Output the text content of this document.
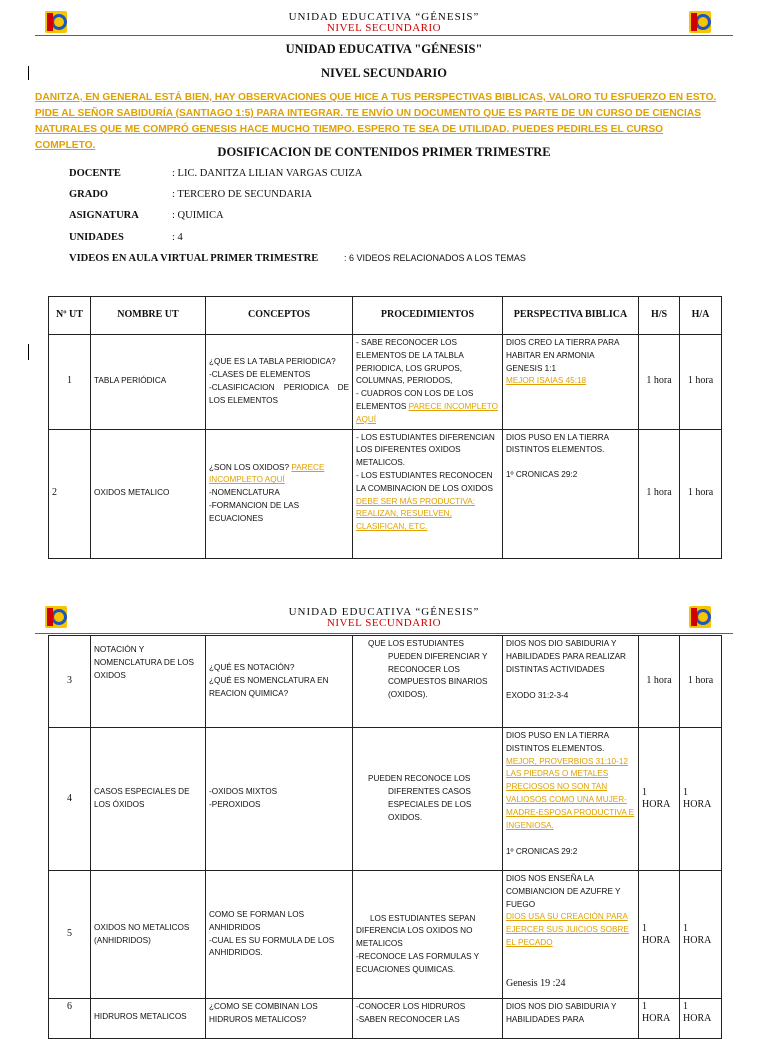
UNIDAD EDUCATIVA “GÉNESIS”
NIVEL SECUNDARIO
UNIDAD EDUCATIVA "GÉNESIS"
NIVEL SECUNDARIO
DANITZA, EN GENERAL ESTÁ BIEN, HAY OBSERVACIONES QUE HICE A TUS PERSPECTIVAS BIBLICAS, VALORO TU ESFUERZO EN ESTO. PIDE AL SEÑOR SABIDURÍA (SANTIAGO 1:5) PARA INTEGRAR. TE ENVÍO UN DOCUMENTO QUE ES PARTE DE UN CURSO DE CIENCIAS NATURALES QUE ME COMPRÓ GENESIS HACE MUCHO TIEMPO. ESPERO TE SEA DE UTILIDAD. PUEDES PEDIRLES EL CURSO COMPLETO.	DOSIFICACION DE CONTENIDOS PRIMER TRIMESTRE
DOCENTE	: LIC. DANITZA LILIAN VARGAS CUIZA
GRADO	: TERCERO DE SECUNDARIA
ASIGNATURA	: QUIMICA
UNIDADES	: 4
VIDEOS EN AULA VIRTUAL PRIMER TRIMESTRE	: 6 VIDEOS RELACIONADOS A LOS TEMAS
Nº UT	NOMBRE UT	CONCEPTOS	PROCEDIMIENTOS	PERSPECTIVA BIBLICA	H/S	H/A
1	TABLA PERIÓDICA	¿QUE ES LA TABLA PERIODICA?
-CLASES DE ELEMENTOS
-CLASIFICACION PERIODICA DE LOS ELEMENTOS	- SABE RECONOCER LOS ELEMENTOS DE LA TALBLA PERIODICA, LOS GRUPOS, COLUMNAS, PERIODOS,
- CUADROS CON LOS DE LOS ELEMENTOS PARECE INCOMPLETO AQUÍ	DIOS CREO LA TIERRA PARA HABITAR EN ARMONIA
GENESIS 1:1
MEJOR ISAIAS 45:18	1 hora	1 hora
2	OXIDOS METALICO	¿SON LOS OXIDOS? PARECE INCOMPLETO AQUÍ
-NOMENCLATURA
-FORMANCION DE LAS ECUACIONES	- LOS ESTUDIANTES DIFERENCIAN LOS DIFERENTES OXIDOS METALICOS.
- LOS ESTUDIANTES RECONOCEN LA COMBINACION DE LOS OXIDOS
DEBE SER MÁS PRODUCTIVA: REALIZAN, RESUELVEN, CLASIFICAN, ETC.	DIOS PUSO EN LA TIERRA DISTINTOS ELEMENTOS.
1º CRONICAS 29:2	1 hora	1 hora
UNIDAD EDUCATIVA “GÉNESIS”
NIVEL SECUNDARIO
3	NOTACIÓN Y NOMENCLATURA DE LOS OXIDOS	¿QUÉ ES NOTACIÓN?
¿QUÉ ES NOMENCLATURA EN REACION QUIMICA?	QUE LOS ESTUDIANTES PUEDEN DIFERENCIAR Y RECONOCER LOS COMPUESTOS BINARIOS (OXIDOS).	DIOS NOS DIO SABIDURIA Y HABILIDADES PARA REALIZAR DISTINTAS ACTIVIDADES
EXODO 31:2-3-4	1 hora	1 hora
4	CASOS ESPECIALES DE LOS ÓXIDOS	-OXIDOS MIXTOS
-PEROXIDOS	PUEDEN RECONOCE LOS DIFERENTES CASOS ESPECIALES DE LOS OXIDOS.	DIOS PUSO EN LA TIERRA DISTINTOS ELEMENTOS.
MEJOR, PROVERBIOS 31:10-12 LAS PIEDRAS O METALES PRECIOSOS NO SON TAN VALIOSOS COMO UNA MUJER-MADRE-ESPOSA PRODUCTIVA E INGENIOSA.
1º CRONICAS 29:2	1 HORA	1 HORA
5	OXIDOS NO METALICOS (ANHIDRIDOS)	COMO SE FORMAN LOS ANHIDRIDOS
-CUAL ES SU FORMULA DE LOS ANHIDRIDOS.	LOS ESTUDIANTES SEPAN DIFERENCIA LOS OXIDOS NO METALICOS
-RECONOCE LAS FORMULAS Y ECUACIONES QUIMICAS.	DIOS NOS ENSEÑA LA COMBIANCION DE AZUFRE Y FUEGO
DIOS USA SU CREACIÓN PARA EJERCER SUS JUICIOS SOBRE EL PECADO
Genesis 19 :24	1 HORA	1 HORA
6	HIDRUROS METALICOS	¿COMO SE COMBINAN LOS HIDRUROS METALICOS?	-CONOCER LOS HIDRUROS
-SABEN RECONOCER LAS	DIOS NOS DIO SABIDURIA Y HABILIDADES PARA	1 HORA	1 HORA
